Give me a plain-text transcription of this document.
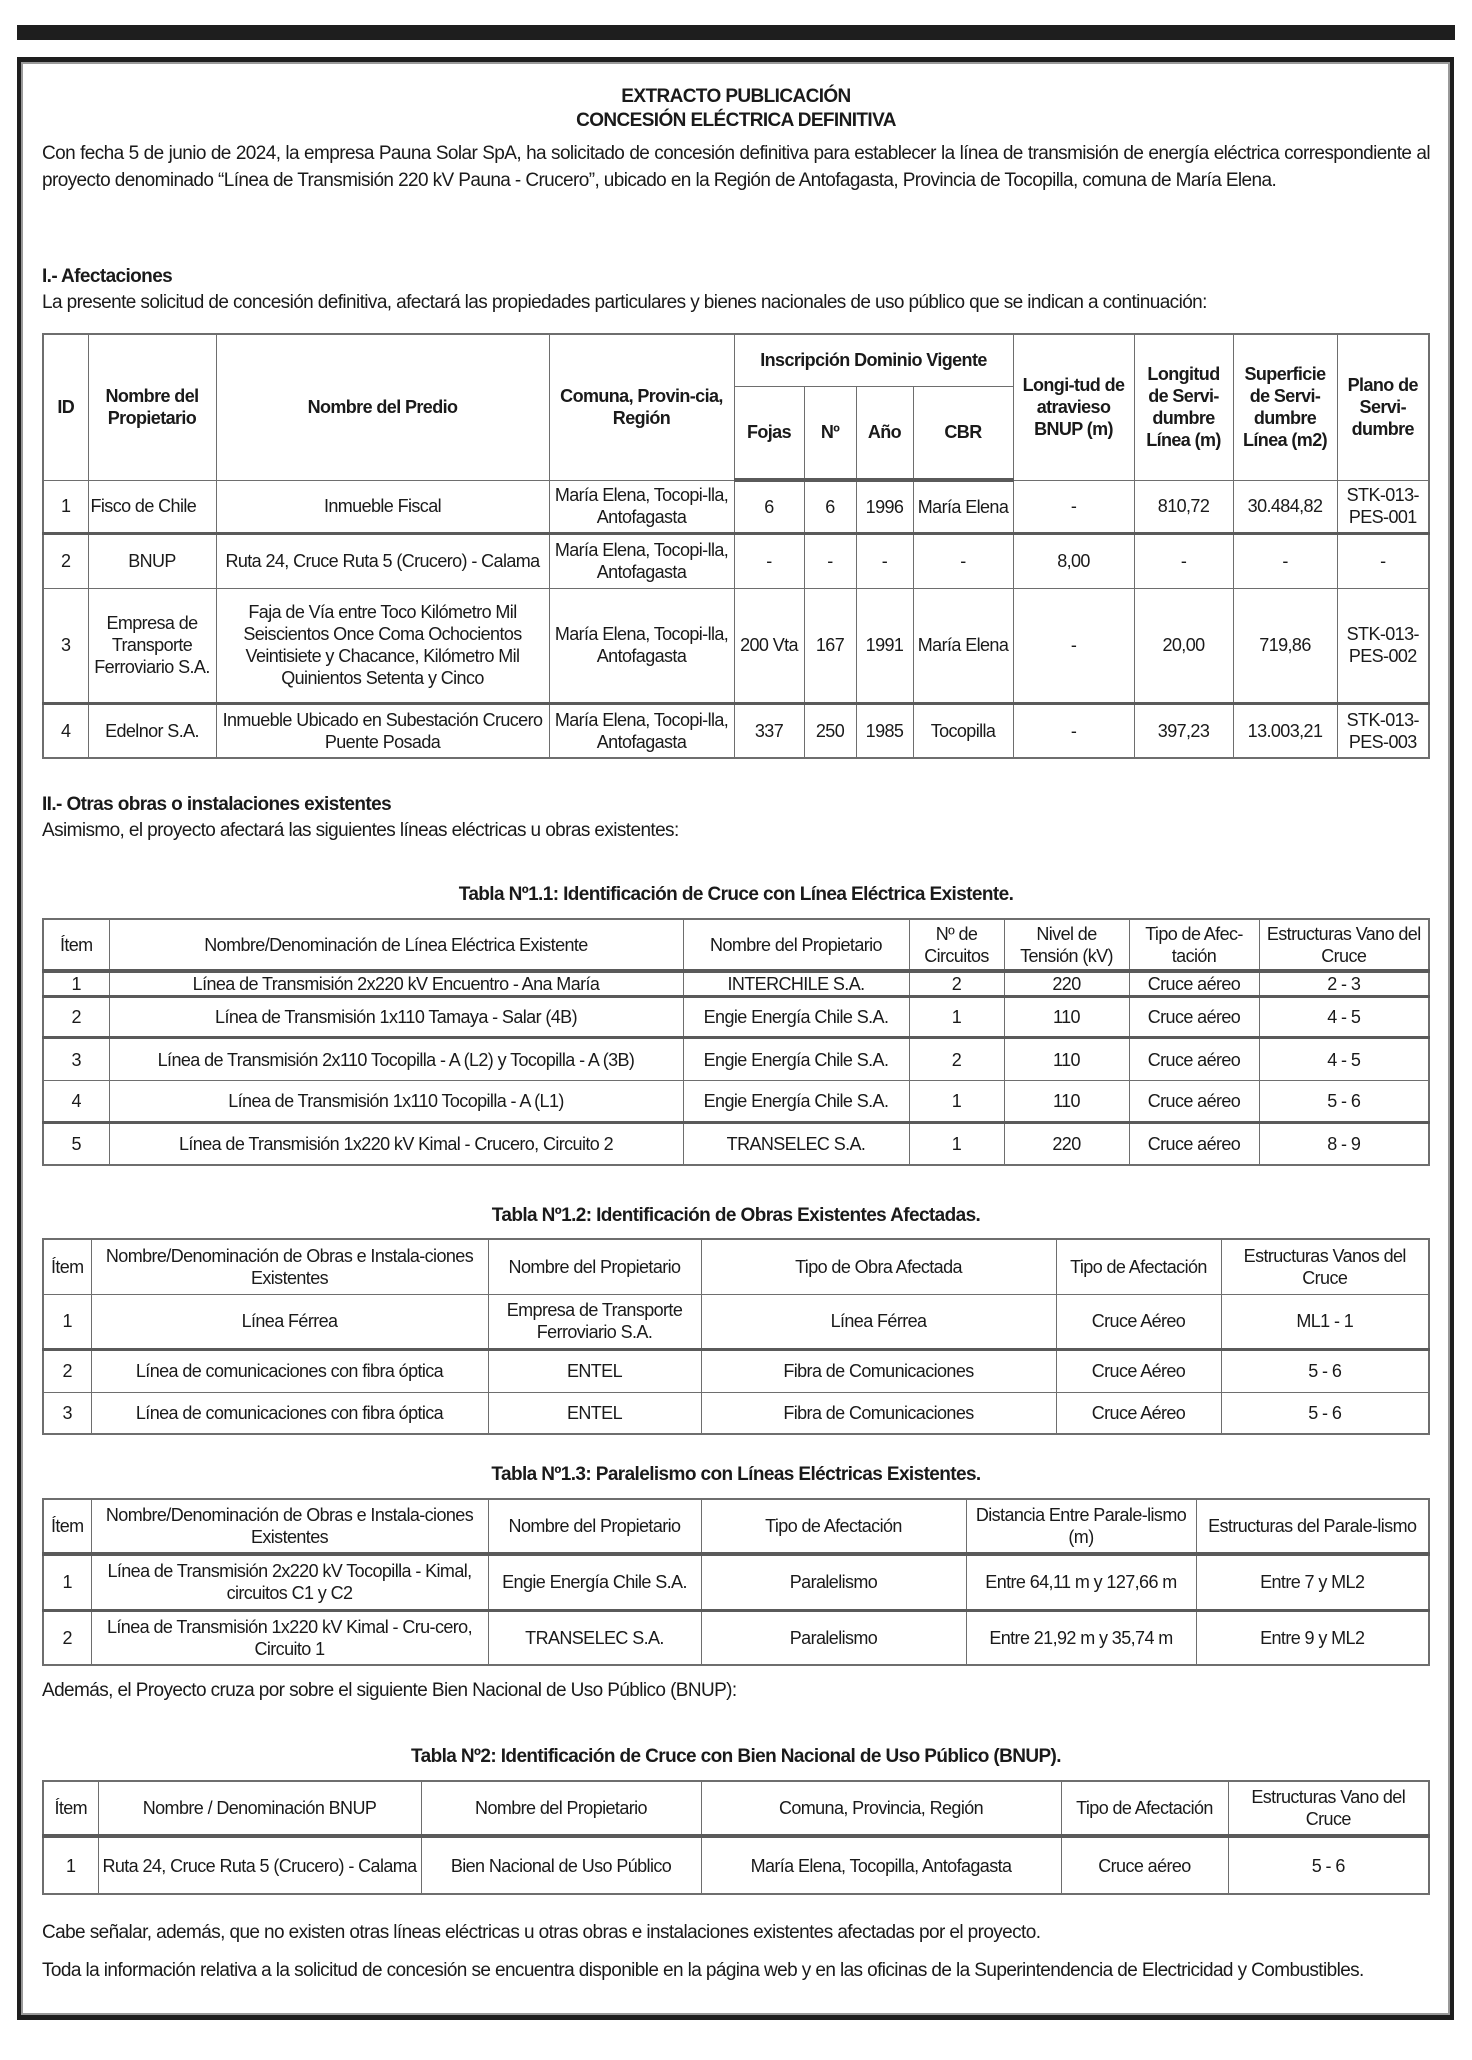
EXTRACTO PUBLICACIÓN
CONCESIÓN ELÉCTRICA DEFINITIVA

Con fecha 5 de junio de 2024, la empresa Pauna Solar SpA, ha solicitado de concesión definitiva para establecer la línea de transmisión de energía eléctrica correspondiente al proyecto denominado “Línea de Transmisión 220 kV Pauna - Crucero”, ubicado en la Región de Antofagasta, Provincia de Tocopilla, comuna de María Elena.

I.- Afectaciones

La presente solicitud de concesión definitiva, afectará las propiedades particulares y bienes nacionales de uso público que se indican a continuación:

ID	Nombre del Propietario	Nombre del Predio	Comuna, Provin-cia, Región	Inscripción Dominio Vigente				Longi-tud de atravieso BNUP (m)	Longitud de Servi-dumbre Línea (m)	Superficie de Servi-dumbre Línea (m2)	Plano de Servi-dumbre
				Fojas	Nº	Año	CBR				
1	Fisco de Chile	Inmueble Fiscal	María Elena, Tocopi-lla, Antofagasta	6	6	1996	María Elena	-	810,72	30.484,82	STK-013-PES-001
2	BNUP	Ruta 24, Cruce Ruta 5 (Crucero) - Calama	María Elena, Tocopi-lla, Antofagasta	-	-	-	-	8,00	-	-	-
3	Empresa de Transporte Ferroviario S.A.	Faja de Vía entre Toco Kilómetro Mil Seiscientos Once Coma Ochocientos Veintisiete y Chacance, Kilómetro Mil Quinientos Setenta y Cinco	María Elena, Tocopi-lla, Antofagasta	200 Vta	167	1991	María Elena	-	20,00	719,86	STK-013-PES-002
4	Edelnor S.A.	Inmueble Ubicado en Subestación Crucero Puente Posada	María Elena, Tocopi-lla, Antofagasta	337	250	1985	Tocopilla	-	397,23	13.003,21	STK-013-PES-003
II.- Otras obras o instalaciones existentes

Asimismo, el proyecto afectará las siguientes líneas eléctricas u obras existentes:

Tabla Nº1.1: Identificación de Cruce con Línea Eléctrica Existente.
Ítem	Nombre/Denominación de Línea Eléctrica Existente	Nombre del Propietario	Nº de Circuitos	Nivel de Tensión (kV)	Tipo de Afec-tación	Estructuras Vano del Cruce
1	Línea de Transmisión 2x220 kV Encuentro - Ana María	INTERCHILE S.A.	2	220	Cruce aéreo	2 - 3
2	Línea de Transmisión 1x110 Tamaya - Salar (4B)	Engie Energía Chile S.A.	1	110	Cruce aéreo	4 - 5
3	Línea de Transmisión 2x110 Tocopilla - A (L2) y Tocopilla - A (3B)	Engie Energía Chile S.A.	2	110	Cruce aéreo	4 - 5
4	Línea de Transmisión 1x110 Tocopilla - A (L1)	Engie Energía Chile S.A.	1	110	Cruce aéreo	5 - 6
5	Línea de Transmisión 1x220 kV Kimal - Crucero, Circuito 2	TRANSELEC S.A.	1	220	Cruce aéreo	8 - 9
Tabla Nº1.2: Identificación de Obras Existentes Afectadas.
Ítem	Nombre/Denominación de Obras e Instala-ciones Existentes	Nombre del Propietario	Tipo de Obra Afectada	Tipo de Afectación	Estructuras Vanos del Cruce
1	Línea Férrea	Empresa de Transporte Ferroviario S.A.	Línea Férrea	Cruce Aéreo	ML1 - 1
2	Línea de comunicaciones con fibra óptica	ENTEL	Fibra de Comunicaciones	Cruce Aéreo	5 - 6
3	Línea de comunicaciones con fibra óptica	ENTEL	Fibra de Comunicaciones	Cruce Aéreo	5 - 6
Tabla Nº1.3: Paralelismo con Líneas Eléctricas Existentes.
Ítem	Nombre/Denominación de Obras e Instala-ciones Existentes	Nombre del Propietario	Tipo de Afectación	Distancia Entre Parale-lismo (m)	Estructuras del Parale-lismo
1	Línea de Transmisión 2x220 kV Tocopilla - Kimal, circuitos C1 y C2	Engie Energía Chile S.A.	Paralelismo	Entre 64,11 m y 127,66 m	Entre 7 y ML2
2	Línea de Transmisión 1x220 kV Kimal - Cru-cero, Circuito 1	TRANSELEC S.A.	Paralelismo	Entre 21,92 m y 35,74 m	Entre 9 y ML2

Además, el Proyecto cruza por sobre el siguiente Bien Nacional de Uso Público (BNUP):

Tabla Nº2: Identificación de Cruce con Bien Nacional de Uso Público (BNUP).
Ítem	Nombre / Denominación BNUP	Nombre del Propietario	Comuna, Provincia, Región	Tipo de Afectación	Estructuras Vano del Cruce
1	Ruta 24, Cruce Ruta 5 (Crucero) - Calama	Bien Nacional de Uso Público	María Elena, Tocopilla, Antofagasta	Cruce aéreo	5 - 6

Cabe señalar, además, que no existen otras líneas eléctricas u otras obras e instalaciones existentes afectadas por el proyecto.

Toda la información relativa a la solicitud de concesión se encuentra disponible en la página web y en las oficinas de la Superintendencia de Electricidad y Combustibles.
